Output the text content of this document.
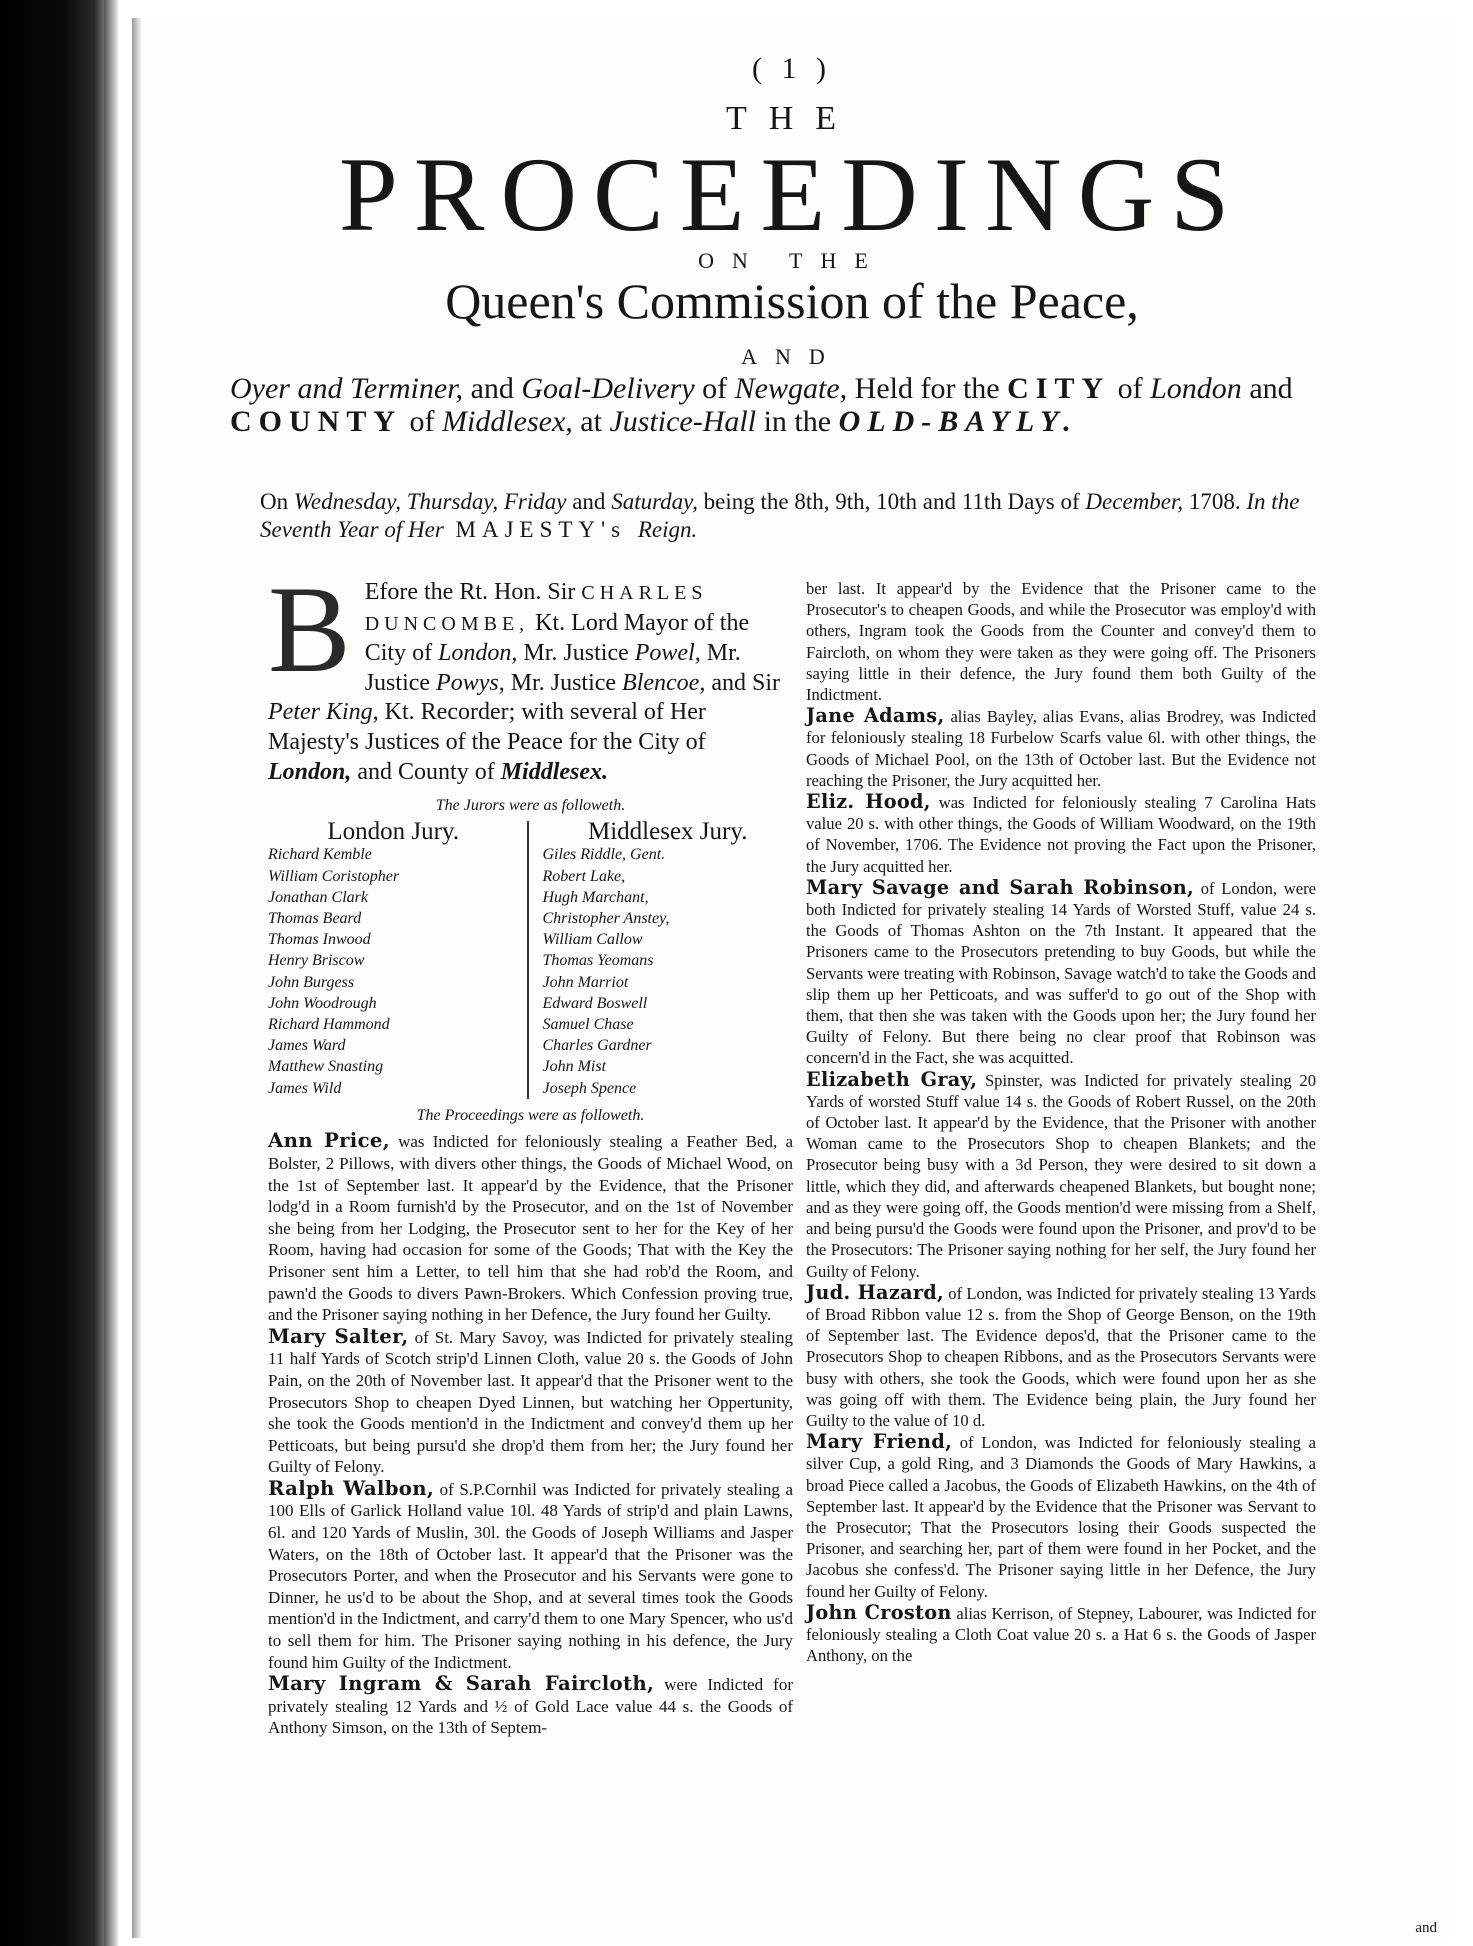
( 1 )
THE
PROCEEDINGS
ON THE
Queen's Commission of the Peace,
AND
Oyer and Terminer, and Goal-Delivery of Newgate, Held for the CITY of London and COUNTY of Middlesex, at Justice-Hall in the OLD-BAYLY.
On Wednesday, Thursday, Friday and Saturday, being the 8th, 9th, 10th and 11th Days of December, 1708. In the Seventh Year of Her MAJESTY's Reign.
B Efore the Rt. Hon. Sir CHARLES DUNCOMBE, Kt. Lord Mayor of the City of London, Mr. Justice Powel, Mr. Justice Powys, Mr. Justice Blencoe, and Sir Peter King, Kt. Recorder; with several of Her Majesty's Justices of the Peace for the City of London, and County of Middlesex.
The Jurors were as followeth.
London Jury.
Richard Kemble
William Coristopher
Jonathan Clark
Thomas Beard
Thomas Inwood
Henry Briscow
John Burgess
John Woodrough
Richard Hammond
James Ward
Matthew Snasting
James Wild
Middlesex Jury.
Giles Riddle, Gent.
Robert Lake,
Hugh Marchant,
Christopher Anstey,
William Callow
Thomas Yeomans
John Marriot
Edward Boswell
Samuel Chase
Charles Gardner
John Mist
Joseph Spence
The Proceedings were as followeth.

Ann Price, was Indicted for feloniously stealing a Feather Bed, a Bolster, 2 Pillows, with divers other things, the Goods of Michael Wood, on the 1st of September last. It appear'd by the Evidence, that the Prisoner lodg'd in a Room furnish'd by the Prosecutor, and on the 1st of November she being from her Lodging, the Prosecutor sent to her for the Key of her Room, having had occasion for some of the Goods; That with the Key the Prisoner sent him a Letter, to tell him that she had rob'd the Room, and pawn'd the Goods to divers Pawn-Brokers. Which Confession proving true, and the Prisoner saying nothing in her Defence, the Jury found her Guilty.

Mary Salter, of St. Mary Savoy, was Indicted for privately stealing 11 half Yards of Scotch strip'd Linnen Cloth, value 20 s. the Goods of John Pain, on the 20th of November last. It appear'd that the Prisoner went to the Prosecutors Shop to cheapen Dyed Linnen, but watching her Oppertunity, she took the Goods mention'd in the Indictment and convey'd them up her Petticoats, but being pursu'd she drop'd them from her; the Jury found her Guilty of Felony.

Ralph Walbon, of S.P.Cornhil was Indicted for privately stealing a 100 Ells of Garlick Holland value 10l. 48 Yards of strip'd and plain Lawns, 6l. and 120 Yards of Muslin, 30l. the Goods of Joseph Williams and Jasper Waters, on the 18th of October last. It appear'd that the Prisoner was the Prosecutors Porter, and when the Prosecutor and his Servants were gone to Dinner, he us'd to be about the Shop, and at several times took the Goods mention'd in the Indictment, and carry'd them to one Mary Spencer, who us'd to sell them for him. The Prisoner saying nothing in his defence, the Jury found him Guilty of the Indictment.

Mary Ingram & Sarah Faircloth, were Indicted for privately stealing 12 Yards and ½ of Gold Lace value 44 s. the Goods of Anthony Simson, on the 13th of Septem-

ber last. It appear'd by the Evidence that the Prisoner came to the Prosecutor's to cheapen Goods, and while the Prosecutor was employ'd with others, Ingram took the Goods from the Counter and convey'd them to Faircloth, on whom they were taken as they were going off. The Prisoners saying little in their defence, the Jury found them both Guilty of the Indictment.

Jane Adams, alias Bayley, alias Evans, alias Brodrey, was Indicted for feloniously stealing 18 Furbelow Scarfs value 6l. with other things, the Goods of Michael Pool, on the 13th of October last. But the Evidence not reaching the Prisoner, the Jury acquitted her.

Eliz. Hood, was Indicted for feloniously stealing 7 Carolina Hats value 20 s. with other things, the Goods of William Woodward, on the 19th of November, 1706. The Evidence not proving the Fact upon the Prisoner, the Jury acquitted her.

Mary Savage and Sarah Robinson, of London, were both Indicted for privately stealing 14 Yards of Worsted Stuff, value 24 s. the Goods of Thomas Ashton on the 7th Instant. It appeared that the Prisoners came to the Prosecutors pretending to buy Goods, but while the Servants were treating with Robinson, Savage watch'd to take the Goods and slip them up her Petticoats, and was suffer'd to go out of the Shop with them, that then she was taken with the Goods upon her; the Jury found her Guilty of Felony. But there being no clear proof that Robinson was concern'd in the Fact, she was acquitted.

Elizabeth Gray, Spinster, was Indicted for privately stealing 20 Yards of worsted Stuff value 14 s. the Goods of Robert Russel, on the 20th of October last. It appear'd by the Evidence, that the Prisoner with another Woman came to the Prosecutors Shop to cheapen Blankets; and the Prosecutor being busy with a 3d Person, they were desired to sit down a little, which they did, and afterwards cheapened Blankets, but bought none; and as they were going off, the Goods mention'd were missing from a Shelf, and being pursu'd the Goods were found upon the Prisoner, and prov'd to be the Prosecutors: The Prisoner saying nothing for her self, the Jury found her Guilty of Felony.

Jud. Hazard, of London, was Indicted for privately stealing 13 Yards of Broad Ribbon value 12 s. from the Shop of George Benson, on the 19th of September last. The Evidence depos'd, that the Prisoner came to the Prosecutors Shop to cheapen Ribbons, and as the Prosecutors Servants were busy with others, she took the Goods, which were found upon her as she was going off with them. The Evidence being plain, the Jury found her Guilty to the value of 10 d.

Mary Friend, of London, was Indicted for feloniously stealing a silver Cup, a gold Ring, and 3 Diamonds the Goods of Mary Hawkins, a broad Piece called a Jacobus, the Goods of Elizabeth Hawkins, on the 4th of September last. It appear'd by the Evidence that the Prisoner was Servant to the Prosecutor; That the Prosecutors losing their Goods suspected the Prisoner, and searching her, part of them were found in her Pocket, and the Jacobus she confess'd. The Prisoner saying little in her Defence, the Jury found her Guilty of Felony.

John Croston alias Kerrison, of Stepney, Labourer, was Indicted for feloniously stealing a Cloth Coat value 20 s. a Hat 6 s. the Goods of Jasper Anthony, on the

and
